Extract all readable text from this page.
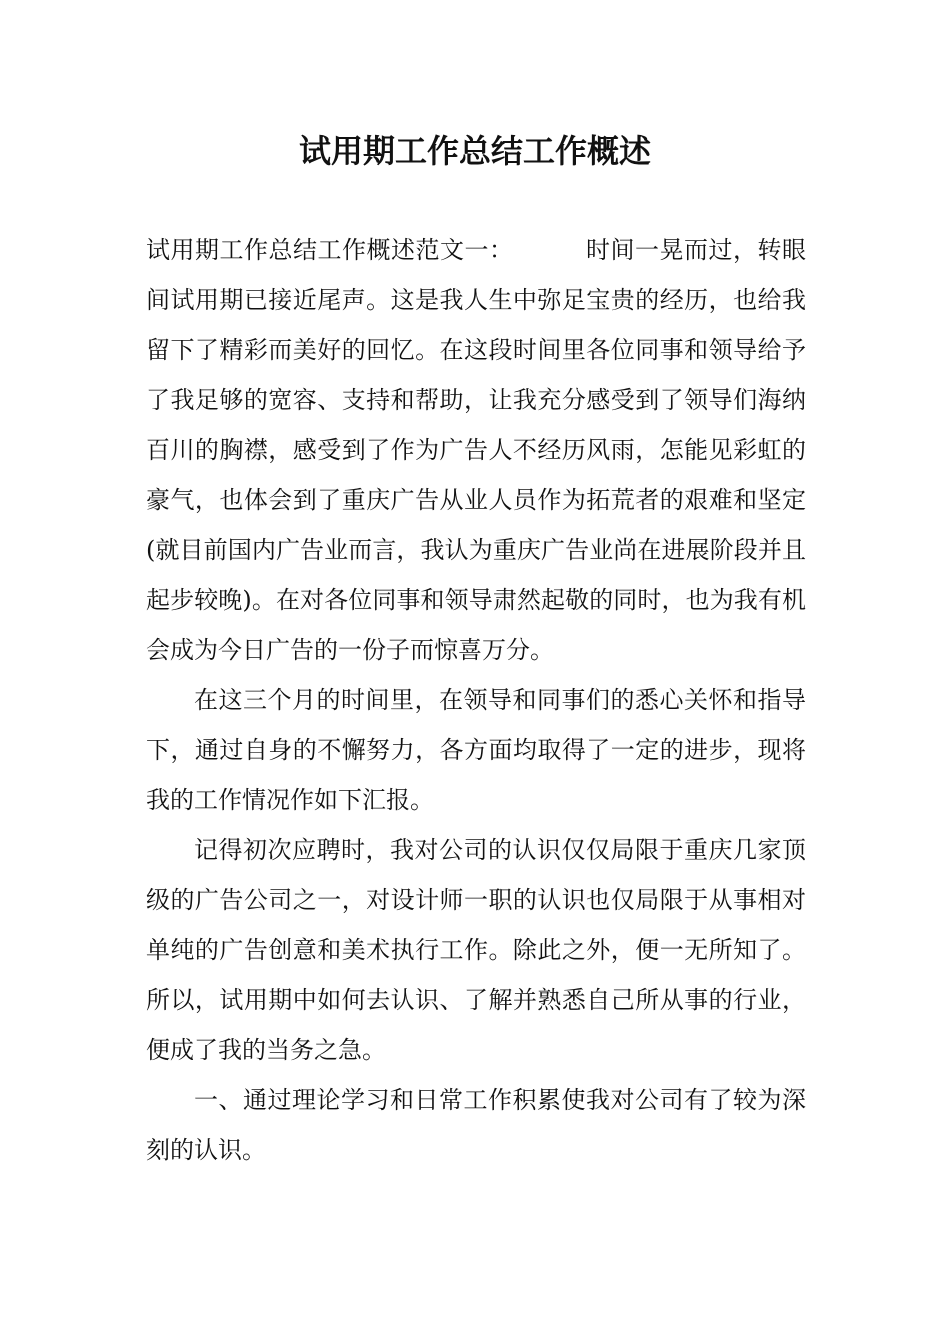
试用期工作总结工作概述

试用期工作总结工作概述范文一：	时间一晃而过，转眼间试用期已接近尾声。这是我人生中弥足宝贵的经历，也给我留下了精彩而美好的回忆。在这段时间里各位同事和领导给予了我足够的宽容、支持和帮助，让我充分感受到了领导们海纳百川的胸襟，感受到了作为广告人不经历风雨，怎能见彩虹的豪气，也体会到了重庆广告从业人员作为拓荒者的艰难和坚定(就目前国内广告业而言，我认为重庆广告业尚在进展阶段并且起步较晚)。在对各位同事和领导肃然起敬的同时，也为我有机会成为今日广告的一份子而惊喜万分。

在这三个月的时间里，在领导和同事们的悉心关怀和指导下，通过自身的不懈努力，各方面均取得了一定的进步，现将我的工作情况作如下汇报。

记得初次应聘时，我对公司的认识仅仅局限于重庆几家顶级的广告公司之一，对设计师一职的认识也仅局限于从事相对单纯的广告创意和美术执行工作。除此之外，便一无所知了。所以，试用期中如何去认识、了解并熟悉自己所从事的行业，便成了我的当务之急。

一、通过理论学习和日常工作积累使我对公司有了较为深刻的认识。
